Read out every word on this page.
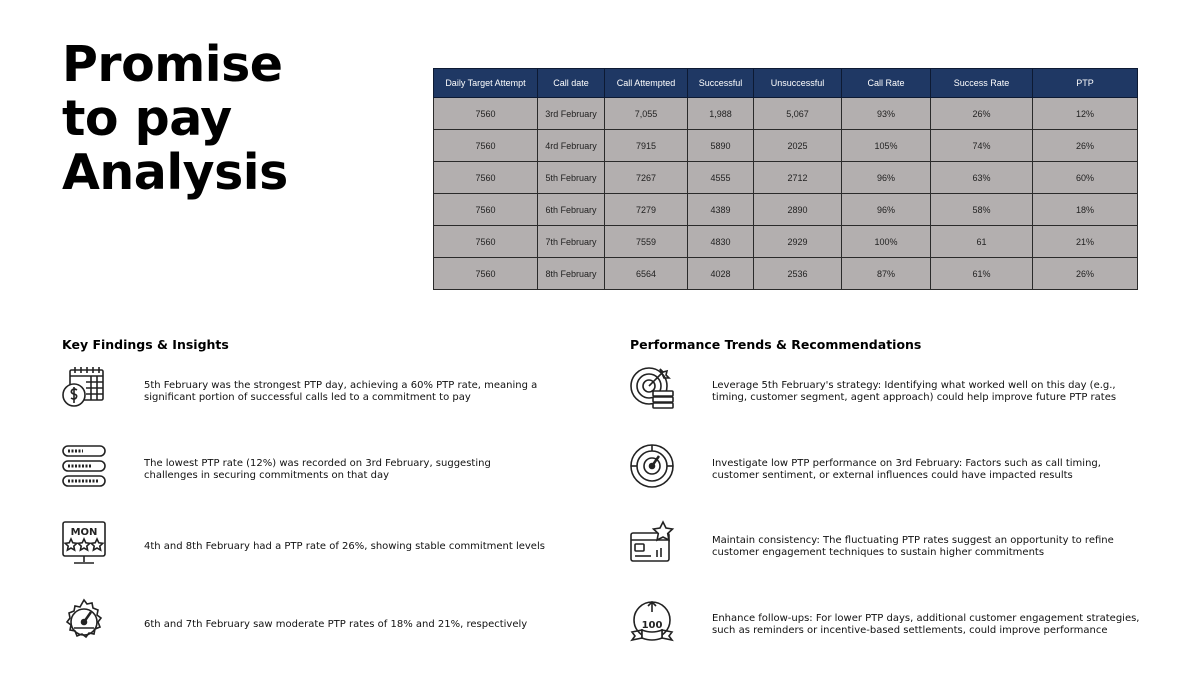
Promise
to pay
Analysis
Daily Target Attempt	Call date	Call Attempted	Successful	Unsuccessful	Call Rate	Success Rate	PTP
7560	3rd February	7,055	1,988	5,067	93%	26%	12%
7560	4rd February	7915	5890	2025	105%	74%	26%
7560	5th February	7267	4555	2712	96%	63%	60%
7560	6th February	7279	4389	2890	96%	58%	18%
7560	7th February	7559	4830	2929	100%	61	21%
7560	8th February	6564	4028	2536	87%	61%	26%
Key Findings & Insights
5th February was the strongest PTP day, achieving a 60% PTP rate, meaning a significant portion of successful calls led to a commitment to pay
The lowest PTP rate (12%) was recorded on 3rd February, suggesting challenges in securing commitments on that day
MON
4th and 8th February had a PTP rate of 26%, showing stable commitment levels
6th and 7th February saw moderate PTP rates of 18% and 21%, respectively
Performance Trends & Recommendations
Leverage 5th February's strategy: Identifying what worked well on this day (e.g., timing, customer segment, agent approach) could help improve future PTP rates
Investigate low PTP performance on 3rd February: Factors such as call timing, customer sentiment, or external influences could have impacted results
Maintain consistency: The fluctuating PTP rates suggest an opportunity to refine customer engagement techniques to sustain higher commitments
100
Enhance follow-ups: For lower PTP days, additional customer engagement strategies, such as reminders or incentive-based settlements, could improve performance
